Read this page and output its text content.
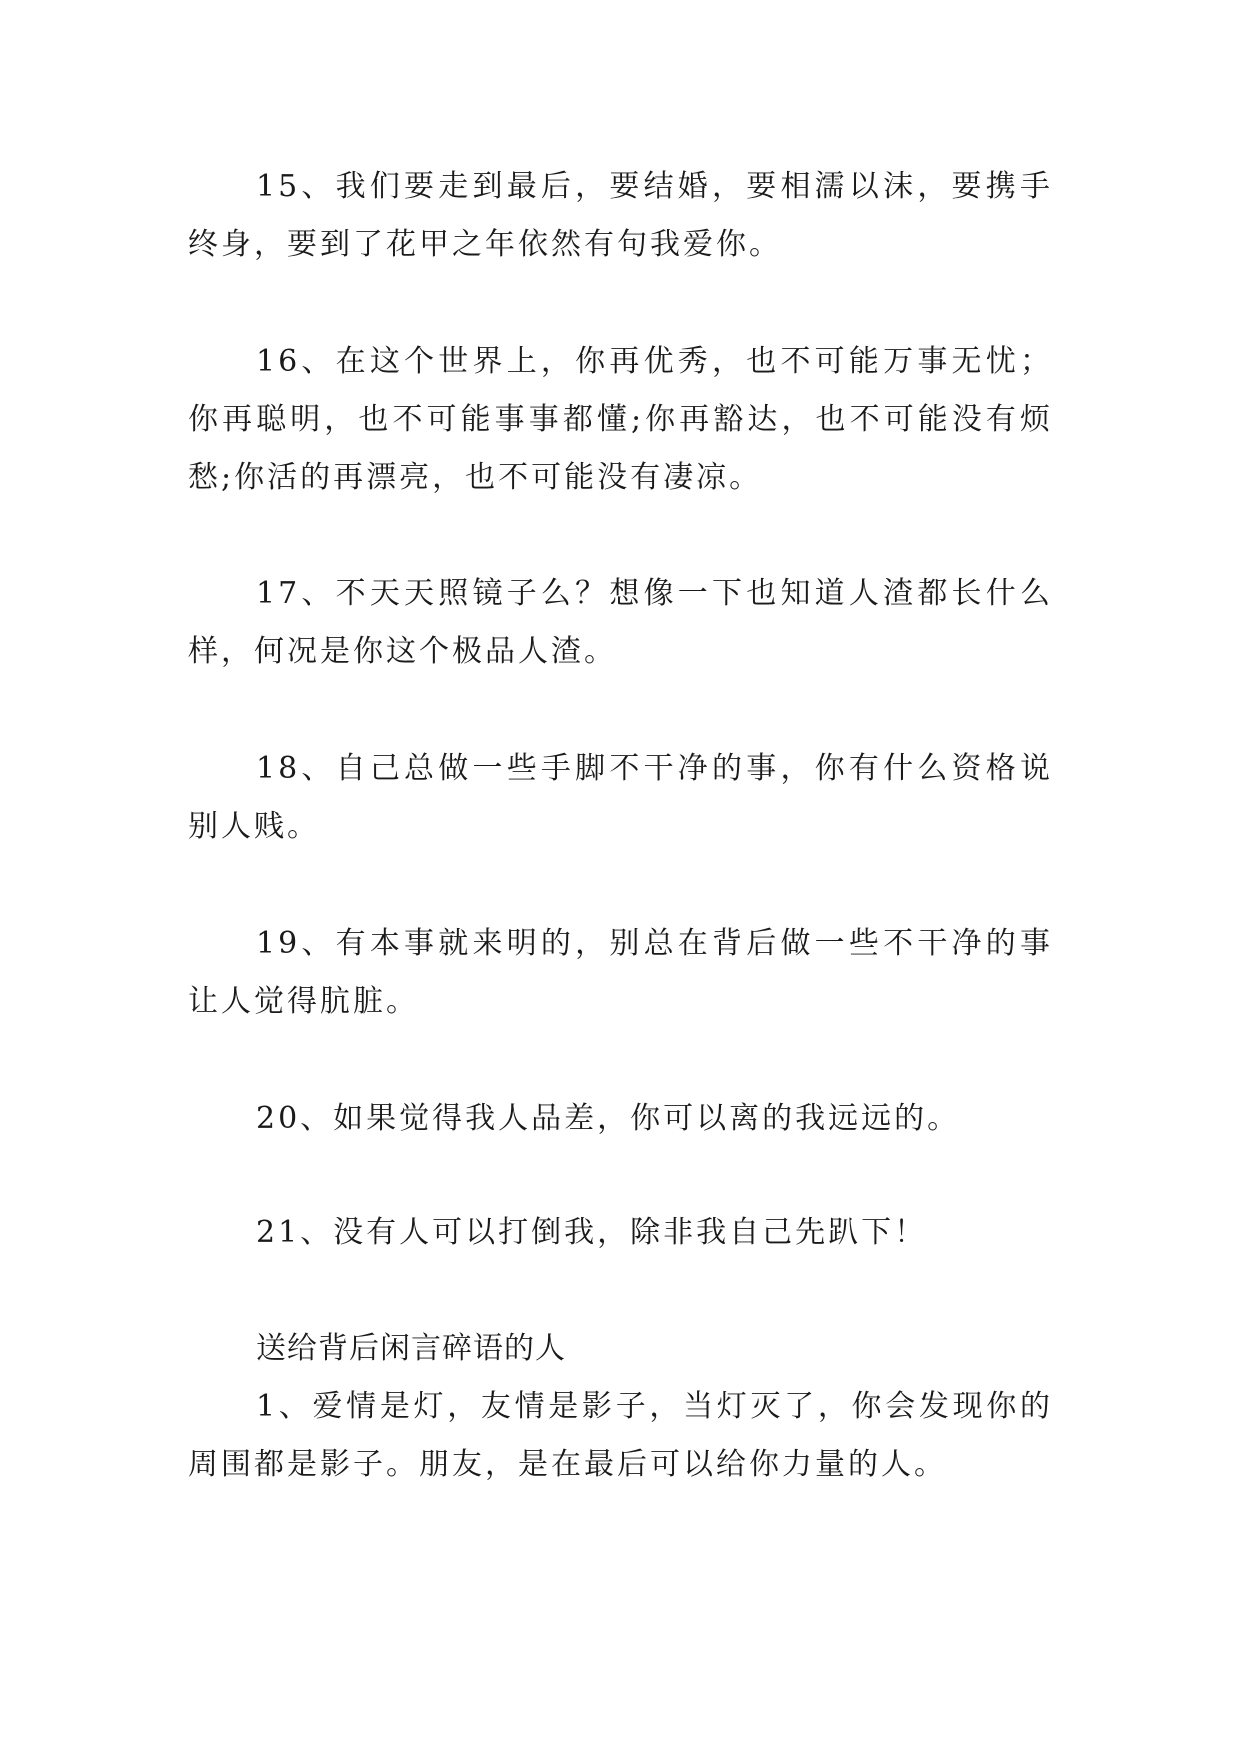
15、我们要走到最后，要结婚，要相濡以沫，要携手终身，要到了花甲之年依然有句我爱你。

16、在这个世界上，你再优秀，也不可能万事无忧；你再聪明，也不可能事事都懂;你再豁达，也不可能没有烦愁;你活的再漂亮，也不可能没有凄凉。

17、不天天照镜子么？想像一下也知道人渣都长什么样，何况是你这个极品人渣。

18、自己总做一些手脚不干净的事，你有什么资格说别人贱。

19、有本事就来明的，别总在背后做一些不干净的事让人觉得肮脏。

20、如果觉得我人品差，你可以离的我远远的。

21、没有人可以打倒我，除非我自己先趴下！

送给背后闲言碎语的人

1、爱情是灯，友情是影子，当灯灭了，你会发现你的周围都是影子。朋友，是在最后可以给你力量的人。
